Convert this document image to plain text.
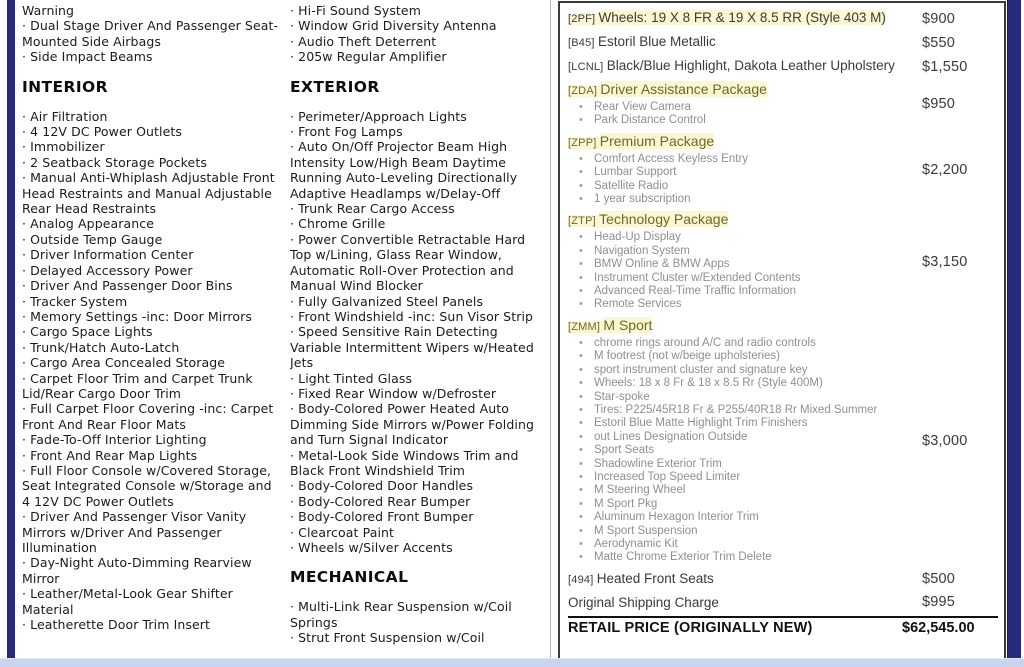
Warning
· Dual Stage Driver And Passenger Seat-Mounted Side Airbags
· Side Impact Beams
INTERIOR
· Air Filtration
· 4 12V DC Power Outlets
· Immobilizer
· 2 Seatback Storage Pockets
· Manual Anti-Whiplash Adjustable Front Head Restraints and Manual Adjustable Rear Head Restraints
· Analog Appearance
· Outside Temp Gauge
· Driver Information Center
· Delayed Accessory Power
· Driver And Passenger Door Bins
· Tracker System
· Memory Settings -inc: Door Mirrors
· Cargo Space Lights
· Trunk/Hatch Auto-Latch
· Cargo Area Concealed Storage
· Carpet Floor Trim and Carpet Trunk Lid/Rear Cargo Door Trim
· Full Carpet Floor Covering -inc: Carpet Front And Rear Floor Mats
· Fade-To-Off Interior Lighting
· Front And Rear Map Lights
· Full Floor Console w/Covered Storage, Seat Integrated Console w/Storage and 4 12V DC Power Outlets
· Driver And Passenger Visor Vanity Mirrors w/Driver And Passenger Illumination
· Day-Night Auto-Dimming Rearview Mirror
· Leather/Metal-Look Gear Shifter Material
· Leatherette Door Trim Insert
· Hi-Fi Sound System
· Window Grid Diversity Antenna
· Audio Theft Deterrent
· 205w Regular Amplifier
EXTERIOR
· Perimeter/Approach Lights
· Front Fog Lamps
· Auto On/Off Projector Beam High Intensity Low/High Beam Daytime Running Auto-Leveling Directionally Adaptive Headlamps w/Delay-Off
· Trunk Rear Cargo Access
· Chrome Grille
· Power Convertible Retractable Hard Top w/Lining, Glass Rear Window, Automatic Roll-Over Protection and Manual Wind Blocker
· Fully Galvanized Steel Panels
· Front Windshield -inc: Sun Visor Strip
· Speed Sensitive Rain Detecting Variable Intermittent Wipers w/Heated Jets
· Light Tinted Glass
· Fixed Rear Window w/Defroster
· Body-Colored Power Heated Auto Dimming Side Mirrors w/Power Folding and Turn Signal Indicator
· Metal-Look Side Windows Trim and Black Front Windshield Trim
· Body-Colored Door Handles
· Body-Colored Rear Bumper
· Body-Colored Front Bumper
· Clearcoat Paint
· Wheels w/Silver Accents
MECHANICAL
· Multi-Link Rear Suspension w/Coil Springs
· Strut Front Suspension w/Coil
[2PF] Wheels: 19 X 8 FR & 19 X 8.5 RR (Style 403 M)	$900
[B45] Estoril Blue Metallic	$550
[LCNL] Black/Blue Highlight, Dakota Leather Upholstery	$1,550
[ZDA] Driver Assistance Package
• Rear View Camera
• Park Distance Control
$950
[ZPP] Premium Package
• Comfort Access Keyless Entry
• Lumbar Support
• Satellite Radio
• 1 year subscription
$2,200
[ZTP] Technology Package
• Head-Up Display
• Navigation System
• BMW Online & BMW Apps
• Instrument Cluster w/Extended Contents
• Advanced Real-Time Traffic Information
• Remote Services
$3,150
[ZMM] M Sport
• chrome rings around A/C and radio controls
• M footrest (not w/beige upholsteries)
• sport instrument cluster and signature key
• Wheels: 18 x 8 Fr & 18 x 8.5 Rr (Style 400M)
• Star-spoke
• Tires: P225/45R18 Fr & P255/40R18 Rr Mixed Summer
• Estoril Blue Matte Highlight Trim Finishers
• out Lines Designation Outside
• Sport Seats
• Shadowline Exterior Trim
• Increased Top Speed Limiter
• M Steering Wheel
• M Sport Pkg
• Aluminum Hexagon Interior Trim
• M Sport Suspension
• Aerodynamic Kit
• Matte Chrome Exterior Trim Delete
$3,000
[494] Heated Front Seats	$500
Original Shipping Charge	$995
RETAIL PRICE (ORIGINALLY NEW)	$62,545.00
